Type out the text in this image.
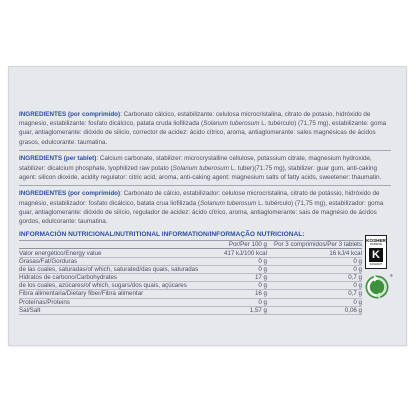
INGREDIENTES (por comprimido): Carbonato cálcico, estabilizante: celulosa microcristalina, citrato de potasio, hidróxido de magnesio, estabilizante: fosfato dicálcico, patata cruda liofilizada (Solanum tuberosum L. tubérculo) (71,75 mg), estabilizante: goma guar, antiaglomerante: dióxido de silicio, corrector de acidez: ácido cítrico, aroma, antiaglomerante: sales magnésicas de ácidos grasos, edulcorante: taumatina.

INGREDIENTS (per tablet): Calcium carbonate, stabilizer: microcrystalline cellulose, potassium citrate, magnesium hydroxide, stabilizer: dicalcium phosphate, lyophilized raw potato (Solanum tuberosum L. tuber)(71.75 mg), stabilizer: guar gum, anti-caking agent: silicon dioxide, acidity regulator: citric acid, aroma, anti-caking agent: magnesium salts of fatty acids, sweetener: thaumatin.

INGREDIENTES (por comprimido): Carbonato de cálcio, estabilizador: celulose microcristalina, citrato de potássio, hidróxido de magnésio, estabilizador: fosfato dicálcico, batata crua liofilizada (Solanum tuberosum L. tubérculo) (71,75 mg), estabilizador: goma guar, antiaglomerante: dióxido de silício, regulador de acidez: ácido cítrico, aroma, antiaglomerante: sais de magnésio de ácidos gordos, edulcorante: taumatina.

INFORMACIÓN NUTRICIONAL/NUTRITIONAL INFORMATION/INFORMAÇÃO NUTRICIONAL:
Por/Per 100 g	Por 3 comprimidos/Per 3 tablets
Valor energético/Energy value	417 kJ/100 kcal	16 kJ/4 kcal
Grasas/Fat/Gorduras	0 g	0 g
de las cuales, saturadas/of which, saturated/das quais, saturadas	0 g	0 g
Hidratos de carbono/Carbohydrates	17 g	0,7 g
de los cuales, azúcares/of which, sugars/dos quais, açúcares	0 g	0 g
Fibra alimentaria/Dietary fiber/Fibra alimentar	16 g	0,7 g
Proteínas/Proteins	0 g	0 g
Sal/Salt	1,57 g	0,06 g
KOSHER
PAREVE
K
KASHRUT
®
